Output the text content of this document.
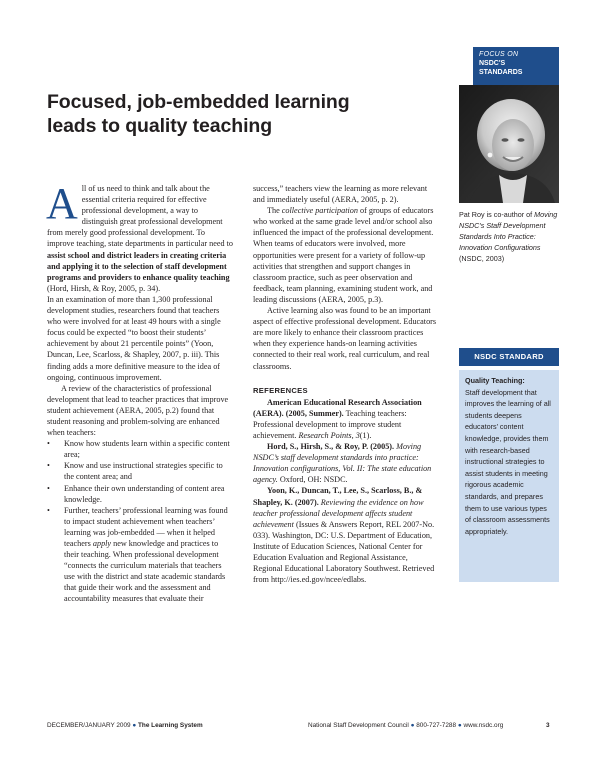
FOCUS ON
NSDC'S
STANDARDS
Pat Roy is co-author of Moving NSDC's Staff Development Standards Into Practice: Innovation Configurations (NSDC, 2003)
NSDC STANDARD
Quality Teaching:
Staff development that improves the learning of all students deepens educators' content knowledge, provides them with research-based instructional strategies to assist students in meeting rigorous academic standards, and prepares them to use various types of classroom assessments appropriately.
Focused, job-embedded learning
leads to quality teaching

All of us need to think and talk about the essential criteria required for effective professional development, a way to distinguish great professional development from merely good professional development. To improve teaching, state departments in particular need to assist school and district leaders in creating criteria and applying it to the selection of staff development programs and providers to enhance quality teaching (Hord, Hirsh, & Roy, 2005, p. 34).

In an examination of more than 1,300 professional development studies, researchers found that teachers who were involved for at least 49 hours with a single focus could be expected “to boost their students’ achievement by about 21 percentile points” (Yoon, Duncan, Lee, Scarloss, & Shapley, 2007, p. iii). This finding adds a more definitive measure to the idea of ongoing, continuous improvement.

A review of the characteristics of professional development that lead to teacher practices that improve student achievement (AERA, 2005, p.2) found that student reasoning and problem-solving are enhanced when teachers:

• Know how students learn within a specific content area;

• Know and use instructional strategies specific to the content area; and

• Enhance their own understanding of content area knowledge.

• Further, teachers’ professional learning was found to impact student achievement when teachers’ learning was job-embedded — when it helped teachers apply new knowledge and practices to their teaching. When professional development “connects the curriculum materials that teachers use with the district and state academic standards that guide their work and the assessment and accountability measures that evaluate their

success,” teachers view the learning as more relevant and immediately useful (AERA, 2005, p. 2).

The collective participation of groups of educators who worked at the same grade level and/or school also influenced the impact of the professional development. When teams of educators were involved, more opportunities were present for a variety of follow-up activities that strengthen and support changes in classroom practice, such as peer observation and feedback, team planning, examining student work, and leading discussions (AERA, 2005, p.3).

Active learning also was found to be an important aspect of effective professional development. Educators are more likely to enhance their classroom practices when they experience hands-on learning activities connected to their real work, real curriculum, and real classrooms.

REFERENCES

American Educational Research Association (AERA). (2005, Summer). Teaching teachers: Professional development to improve student achievement. Research Points, 3(1).

Hord, S., Hirsh, S., & Roy, P. (2005). Moving NSDC’s staff development standards into practice: Innovation configurations, Vol. II: The state education agency. Oxford, OH: NSDC.

Yoon, K., Duncan, T., Lee, S., Scarloss, B., & Shapley, K. (2007). Reviewing the evidence on how teacher professional development affects student achievement (Issues & Answers Report, REL 2007-No. 033). Washington, DC: U.S. Department of Education, Institute of Education Sciences, National Center for Education Evaluation and Regional Assistance, Regional Educational Laboratory Southwest. Retrieved from http://ies.ed.gov/ncee/edlabs.

DECEMBER/JANUARY 2009 ● The Learning System	National Staff Development Council ● 800-727-7288 ● www.nsdc.org	3
